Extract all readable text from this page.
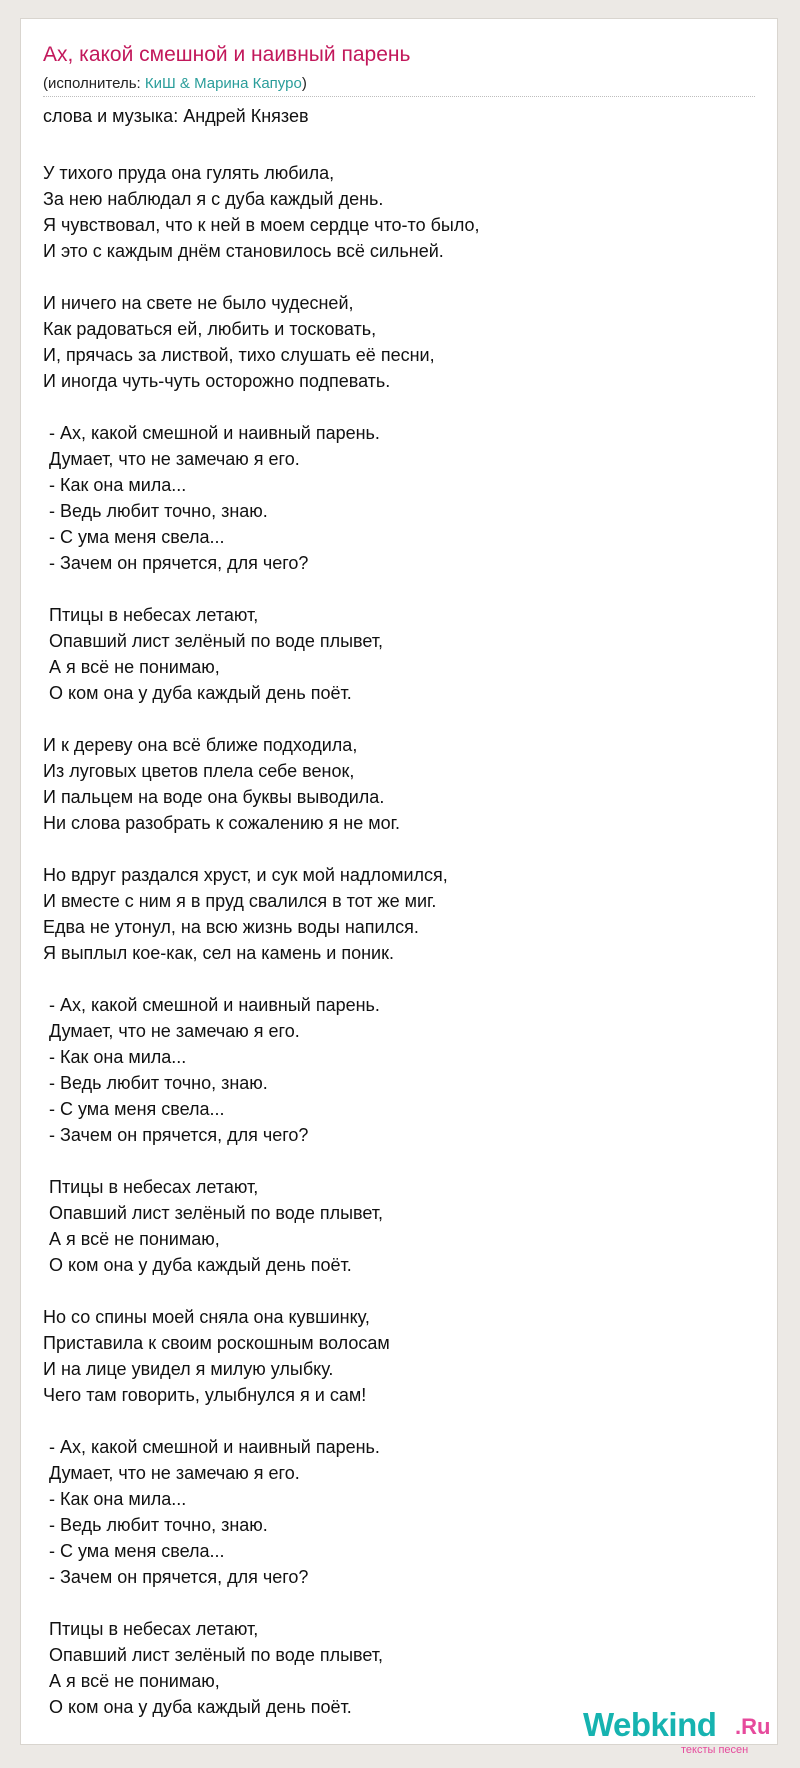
Ах, какой смешной и наивный парень
(исполнитель: КиШ & Марина Капуро)
слова и музыка: Андрей Князев
У тихого пруда она гулять любила,
За нею наблюдал я с дуба каждый день.
Я чувствовал, что к ней в моем сердце что-то было,
И это с каждым днём становилось всё сильней.
И ничего на свете не было чудесней,
Как радоваться ей, любить и тосковать,
И, прячась за листвой, тихо слушать её песни,
И иногда чуть-чуть осторожно подпевать.
- Ах, какой смешной и наивный парень.
Думает, что не замечаю я его.
- Как она мила...
- Ведь любит точно, знаю.
- С ума меня свела...
- Зачем он прячется, для чего?
Птицы в небесах летают,
Опавший лист зелёный по воде плывет,
А я всё не понимаю,
О ком она у дуба каждый день поёт.
И к дереву она всё ближе подходила,
Из луговых цветов плела себе венок,
И пальцем на воде она буквы выводила.
Ни слова разобрать к сожалению я не мог.
Но вдруг раздался хруст, и сук мой надломился,
И вместе с ним я в пруд свалился в тот же миг.
Едва не утонул, на всю жизнь воды напился.
Я выплыл кое-как, сел на камень и поник.
- Ах, какой смешной и наивный парень.
Думает, что не замечаю я его.
- Как она мила...
- Ведь любит точно, знаю.
- С ума меня свела...
- Зачем он прячется, для чего?
Птицы в небесах летают,
Опавший лист зелёный по воде плывет,
А я всё не понимаю,
О ком она у дуба каждый день поёт.
Но со спины моей сняла она кувшинку,
Приставила к своим роскошным волосам
И на лице увидел я милую улыбку.
Чего там говорить, улыбнулся я и сам!
- Ах, какой смешной и наивный парень.
Думает, что не замечаю я его.
- Как она мила...
- Ведь любит точно, знаю.
- С ума меня свела...
- Зачем он прячется, для чего?
Птицы в небесах летают,
Опавший лист зелёный по воде плывет,
А я всё не понимаю,
О ком она у дуба каждый день поёт.	Webkind .Ru
тексты песен
